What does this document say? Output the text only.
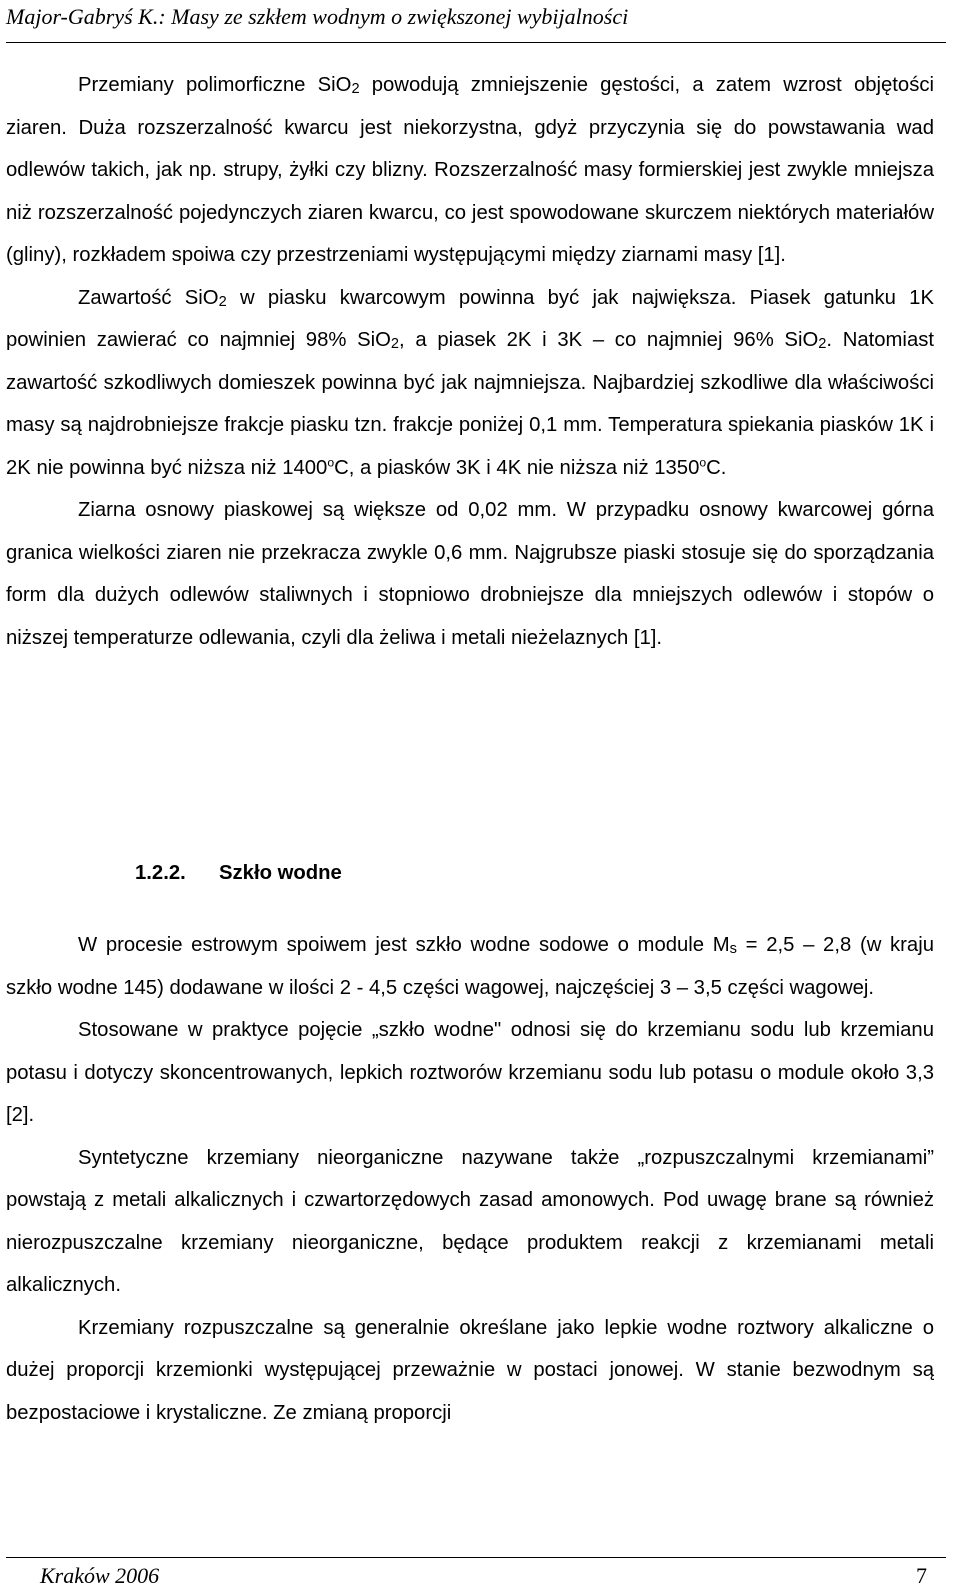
Major-Gabryś K.: Masy ze szkłem wodnym o zwiększonej wybijalności

Przemiany polimorficzne SiO$_2$ powodują zmniejszenie gęstości, a zatem wzrost objętości ziaren. Duża rozszerzalność kwarcu jest niekorzystna, gdyż przyczynia się do powstawania wad odlewów takich, jak np. strupy, żyłki czy blizny. Rozszerzalność masy formierskiej jest zwykle mniejsza niż rozszerzalność pojedynczych ziaren kwarcu, co jest spowodowane skurczem niektórych materiałów (gliny), rozkładem spoiwa czy przestrzeniami występującymi między ziarnami masy [1].

Zawartość SiO$_2$ w piasku kwarcowym powinna być jak największa. Piasek gatunku 1K powinien zawierać co najmniej 98% SiO$_2$, a piasek 2K i 3K – co najmniej 96% SiO$_2$. Natomiast zawartość szkodliwych domieszek powinna być jak najmniejsza. Najbardziej szkodliwe dla właściwości masy są najdrobniejsze frakcje piasku tzn. frakcje poniżej 0,1 mm. Temperatura spiekania piasków 1K i 2K nie powinna być niższa niż 1400$^o$C, a piasków 3K i 4K nie niższa niż 1350$^o$C.

Ziarna osnowy piaskowej są większe od 0,02 mm. W przypadku osnowy kwarcowej górna granica wielkości ziaren nie przekracza zwykle 0,6 mm. Najgrubsze piaski stosuje się do sporządzania form dla dużych odlewów staliwnych i stopniowo drobniejsze dla mniejszych odlewów i stopów o niższej temperaturze odlewania, czyli dla żeliwa i metali nieżelaznych [1].

1.2.2. Szkło wodne

W procesie estrowym spoiwem jest szkło wodne sodowe o module $M_s = 2,5 - 2,8$ (w kraju szkło wodne 145) dodawane w ilości 2 - 4,5 części wagowej, najczęściej 3 – 3,5 części wagowej.

Stosowane w praktyce pojęcie „szkło wodne" odnosi się do krzemianu sodu lub krzemianu potasu i dotyczy skoncentrowanych, lepkich roztworów krzemianu sodu lub potasu o module około 3,3 [2].

Syntetyczne krzemiany nieorganiczne nazywane także „rozpuszczalnymi krzemianami” powstają z metali alkalicznych i czwartorzędowych zasad amonowych. Pod uwagę brane są również nierozpuszczalne krzemiany nieorganiczne, będące produktem reakcji z krzemianami metali alkalicznych.

Krzemiany rozpuszczalne są generalnie określane jako lepkie wodne roztwory alkaliczne o dużej proporcji krzemionki występującej przeważnie w postaci jonowej. W stanie bezwodnym są bezpostaciowe i krystaliczne. Ze zmianą proporcji

Kraków 2006	7
